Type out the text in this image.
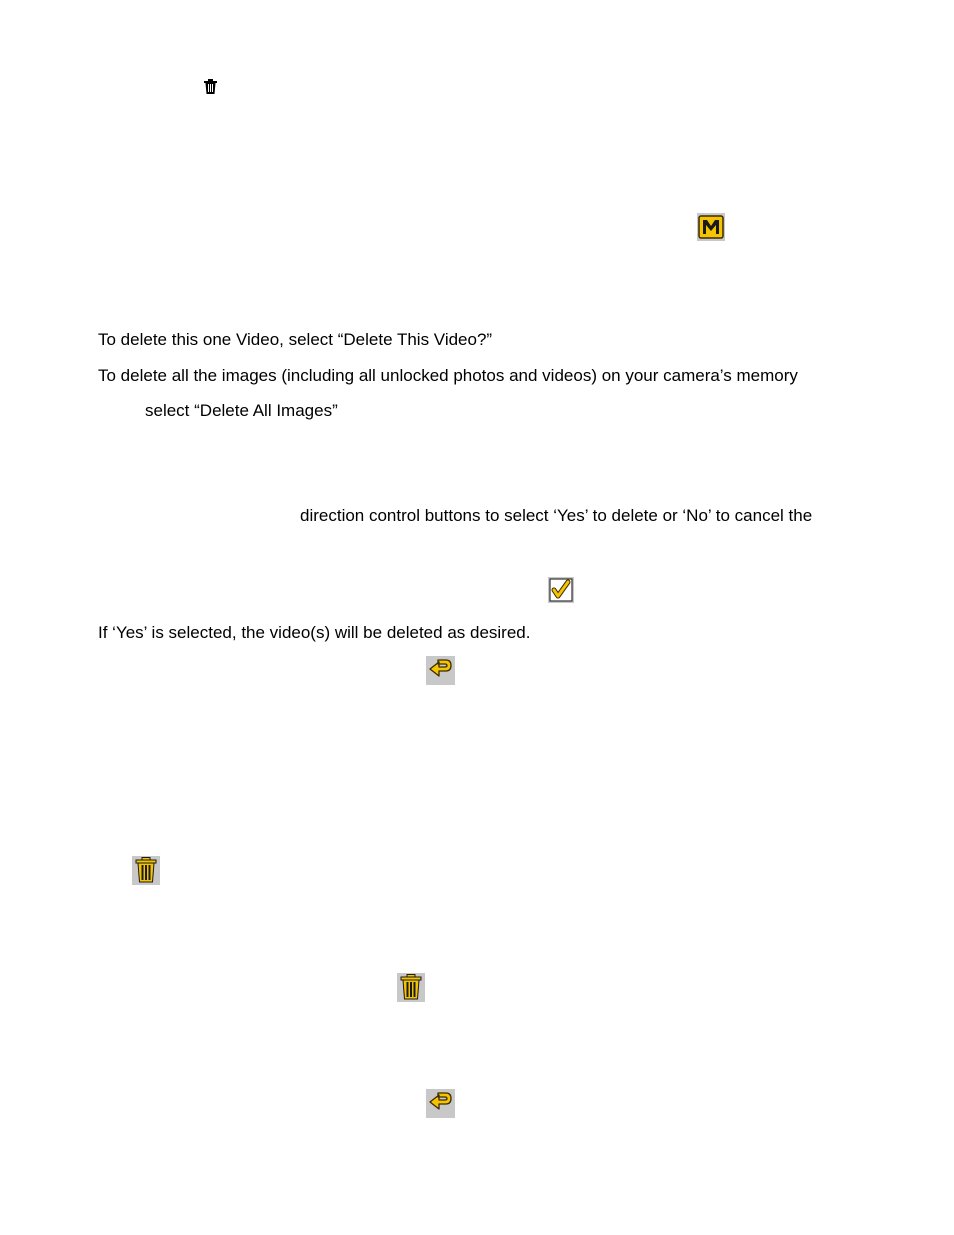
To delete this one Video, select “Delete This Video?”
To delete all the images (including all unlocked photos and videos) on your camera’s memory
select “Delete All Images”
direction control buttons to select ‘Yes’ to delete or ‘No’ to cancel the
If ‘Yes’ is selected, the video(s) will be deleted as desired.
